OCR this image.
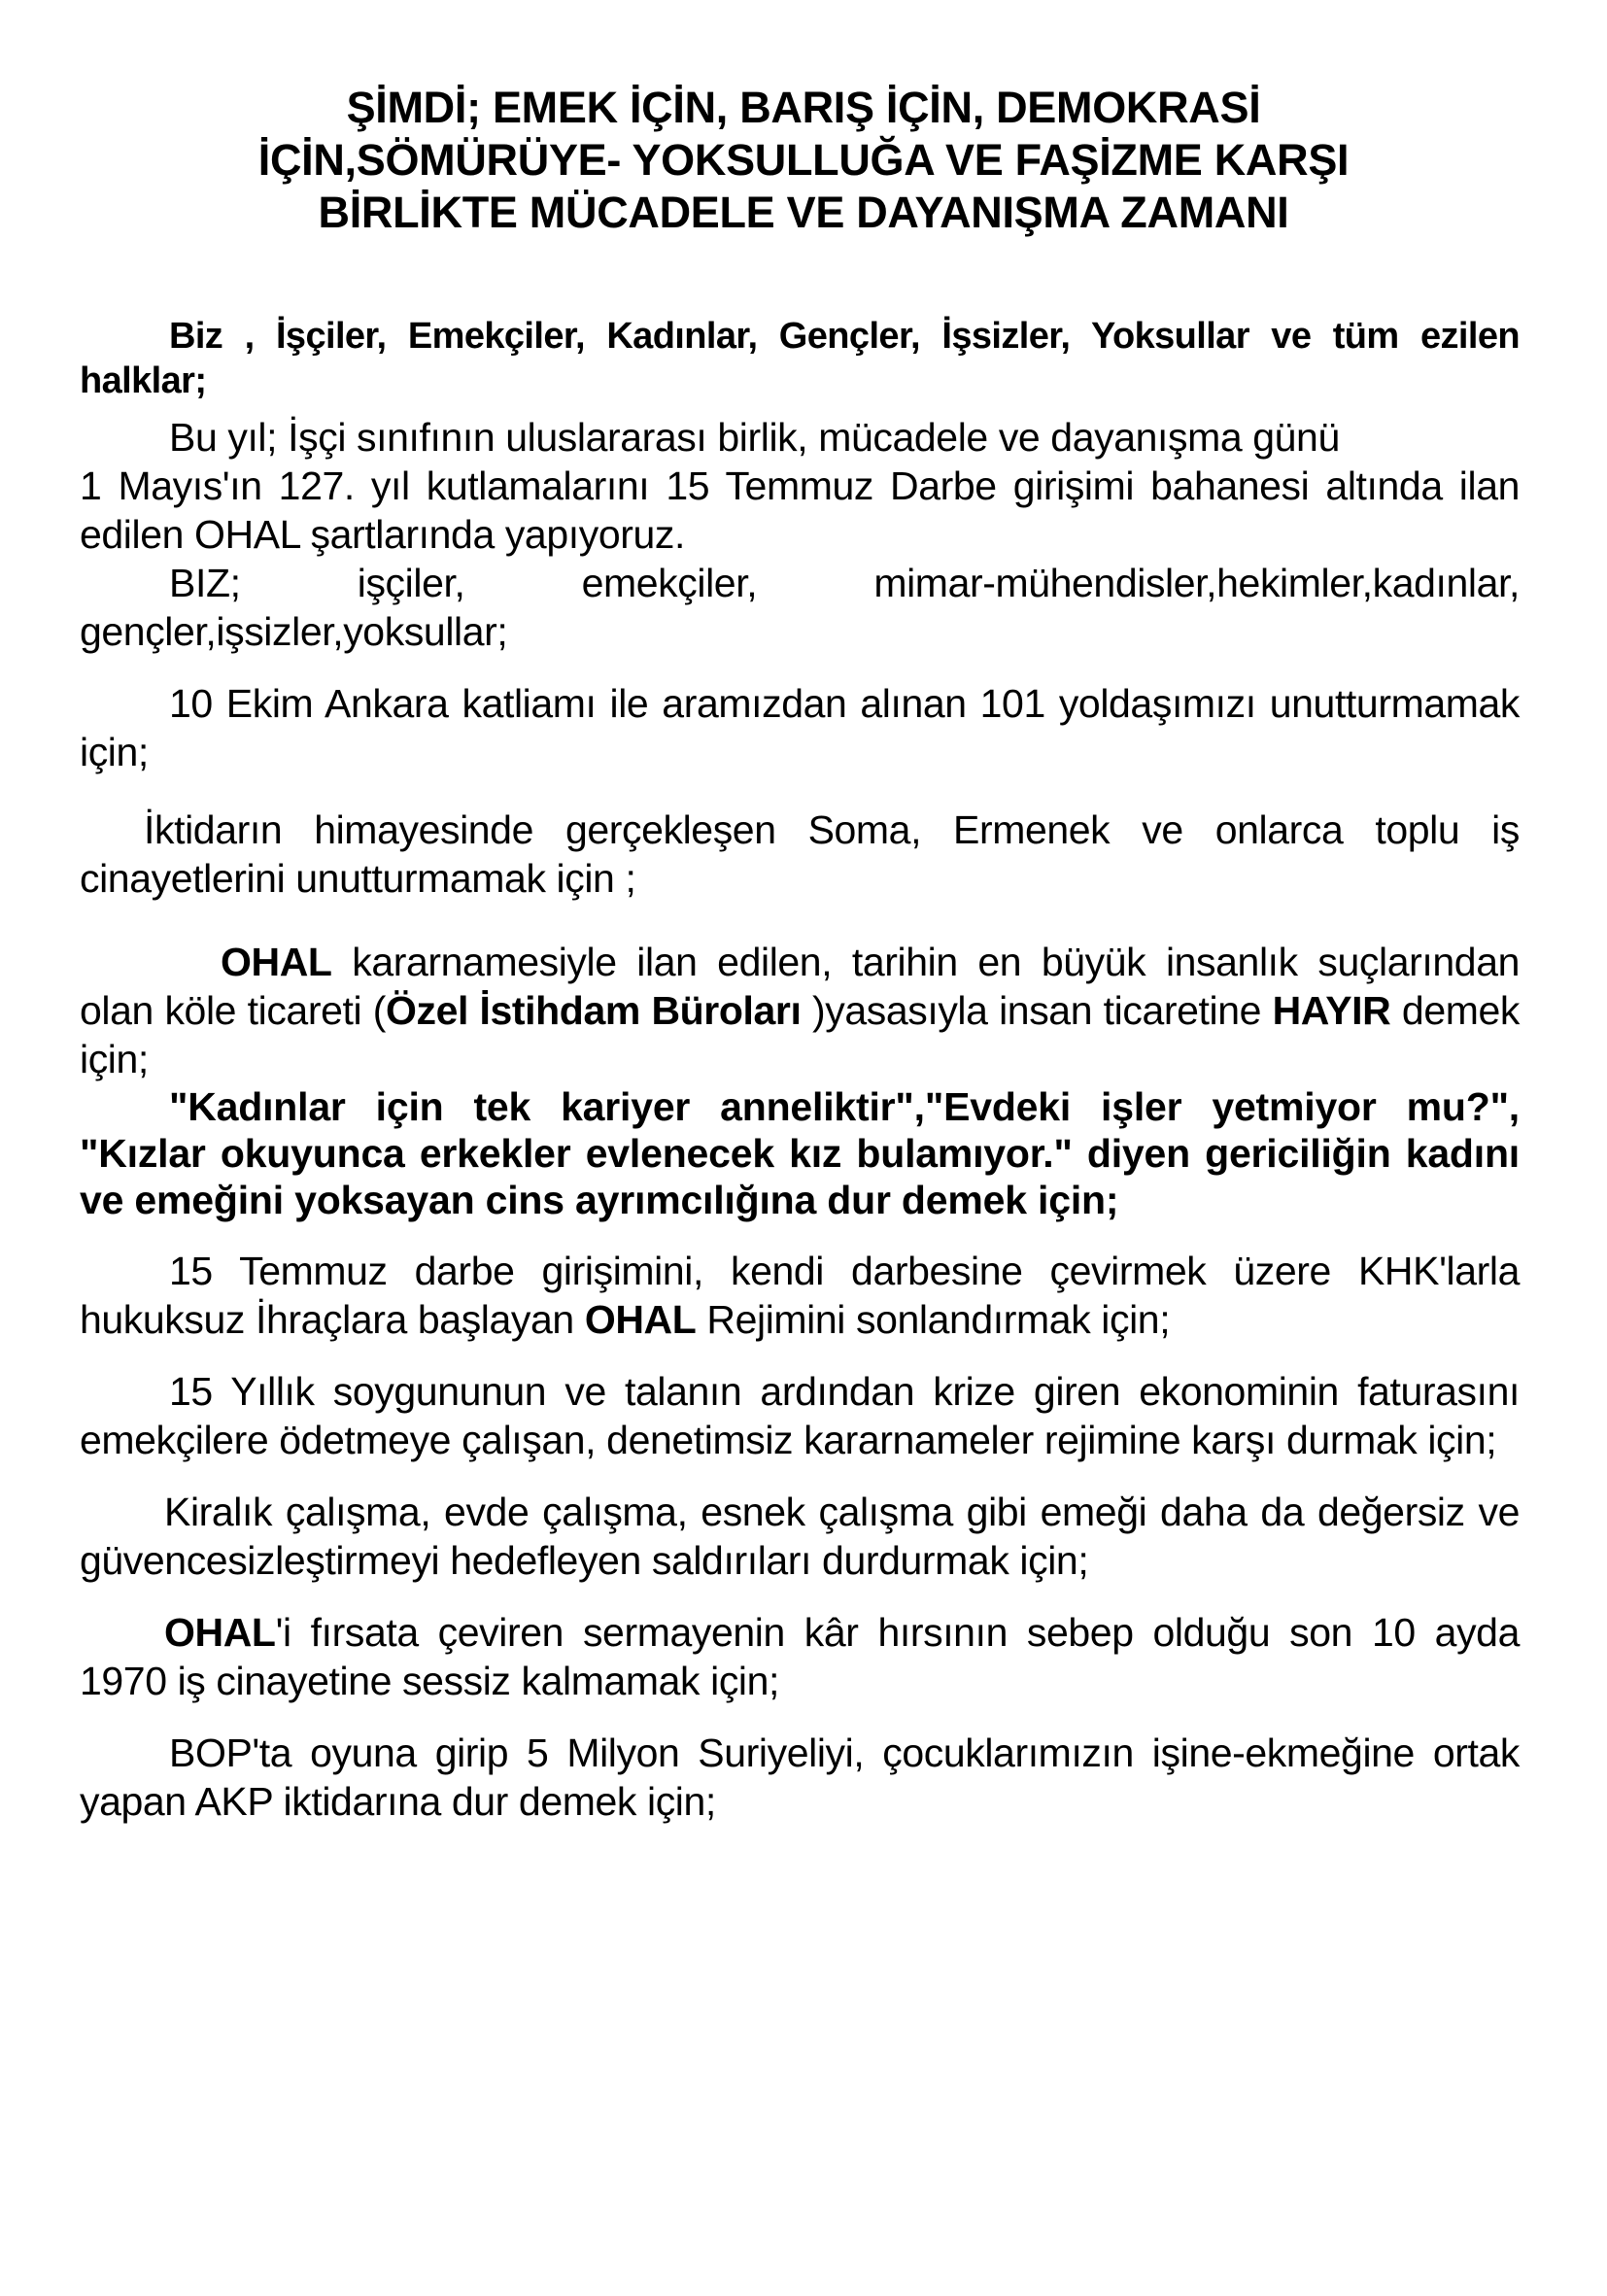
ŞİMDİ; EMEK İÇİN, BARIŞ İÇİN, DEMOKRASİ
İÇİN,SÖMÜRÜYE- YOKSULLUĞA VE FAŞİZME KARŞI
BİRLİKTE MÜCADELE VE DAYANIŞMA ZAMANI
Biz , İşçiler, Emekçiler, Kadınlar, Gençler, İşsizler, Yoksullar ve tüm ezilen halklar;
Bu yıl; İşçi sınıfının uluslararası birlik, mücadele ve dayanışma günü
1 Mayıs'ın 127. yıl kutlamalarını 15 Temmuz Darbe girişimi bahanesi altında ilan edilen OHAL şartlarında yapıyoruz.
BIZ; işçiler, emekçiler, mimar-mühendisler,hekimler,kadınlar, gençler,işsizler,yoksullar;
10 Ekim Ankara katliamı ile aramızdan alınan 101 yoldaşımızı unutturmamak için;
İktidarın himayesinde gerçekleşen Soma, Ermenek ve onlarca toplu iş cinayetlerini unutturmamak için ;
OHAL kararnamesiyle ilan edilen, tarihin en büyük insanlık suçlarından olan köle ticareti (Özel İstihdam Büroları )yasasıyla insan ticaretine HAYIR demek için;
"Kadınlar için tek kariyer anneliktir","Evdeki işler yetmiyor mu?", "Kızlar okuyunca erkekler evlenecek kız bulamıyor." diyen gericiliğin kadını ve emeğini yoksayan cins ayrımcılığına dur demek için;
15 Temmuz darbe girişimini, kendi darbesine çevirmek üzere KHK'larla hukuksuz İhraçlara başlayan OHAL Rejimini sonlandırmak için;
15 Yıllık soygununun ve talanın ardından krize giren ekonominin faturasını emekçilere ödetmeye çalışan, denetimsiz kararnameler rejimine karşı durmak için;
Kiralık çalışma, evde çalışma, esnek çalışma gibi emeği daha da değersiz ve güvencesizleştirmeyi hedefleyen saldırıları durdurmak için;
OHAL'i fırsata çeviren sermayenin kâr hırsının sebep olduğu son 10 ayda 1970 iş cinayetine sessiz kalmamak için;
BOP'ta oyuna girip 5 Milyon Suriyeliyi, çocuklarımızın işine-ekmeğine ortak yapan AKP iktidarına dur demek için;
